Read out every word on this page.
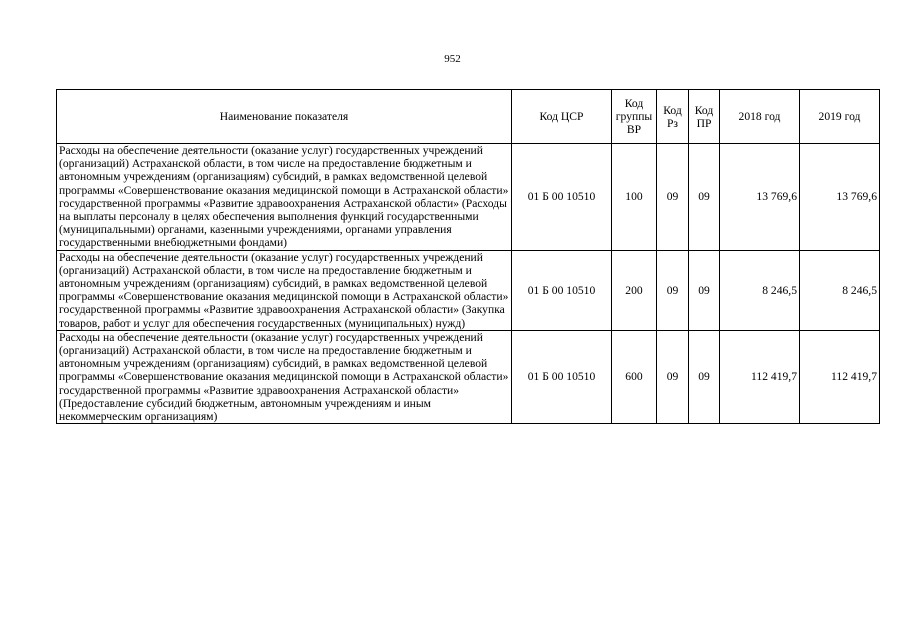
952
Наименование показателя	Код ЦСР	Код группы ВР	Код Рз	Код ПР	2018 год	2019 год
Расходы на обеспечение деятельности (оказание услуг) государственных учреждений (организаций) Астраханской области, в том числе на предоставление бюджетным и автономным учреждениям (организациям) субсидий, в рамках ведомственной целевой программы «Совершенствование оказания медицинской помощи в Астраханской области» государственной программы «Развитие здравоохранения Астраханской области» (Расходы на выплаты персоналу в целях обеспечения выполнения функций государственными (муниципальными) органами, казенными учреждениями, органами управления государственными внебюджетными фондами)	01 Б 00 10510	100	09	09	13 769,6	13 769,6
Расходы на обеспечение деятельности (оказание услуг) государственных учреждений (организаций) Астраханской области, в том числе на предоставление бюджетным и автономным учреждениям (организациям) субсидий, в рамках ведомственной целевой программы «Совершенствование оказания медицинской помощи в Астраханской области» государственной программы «Развитие здравоохранения Астраханской области» (Закупка товаров, работ и услуг для обеспечения государственных (муниципальных) нужд)	01 Б 00 10510	200	09	09	8 246,5	8 246,5
Расходы на обеспечение деятельности (оказание услуг) государственных учреждений (организаций) Астраханской области, в том числе на предоставление бюджетным и автономным учреждениям (организациям) субсидий, в рамках ведомственной целевой программы «Совершенствование оказания медицинской помощи в Астраханской области» государственной программы «Развитие здравоохранения Астраханской области» (Предоставление субсидий бюджетным, автономным учреждениям и иным некоммерческим организациям)	01 Б 00 10510	600	09	09	112 419,7	112 419,7
